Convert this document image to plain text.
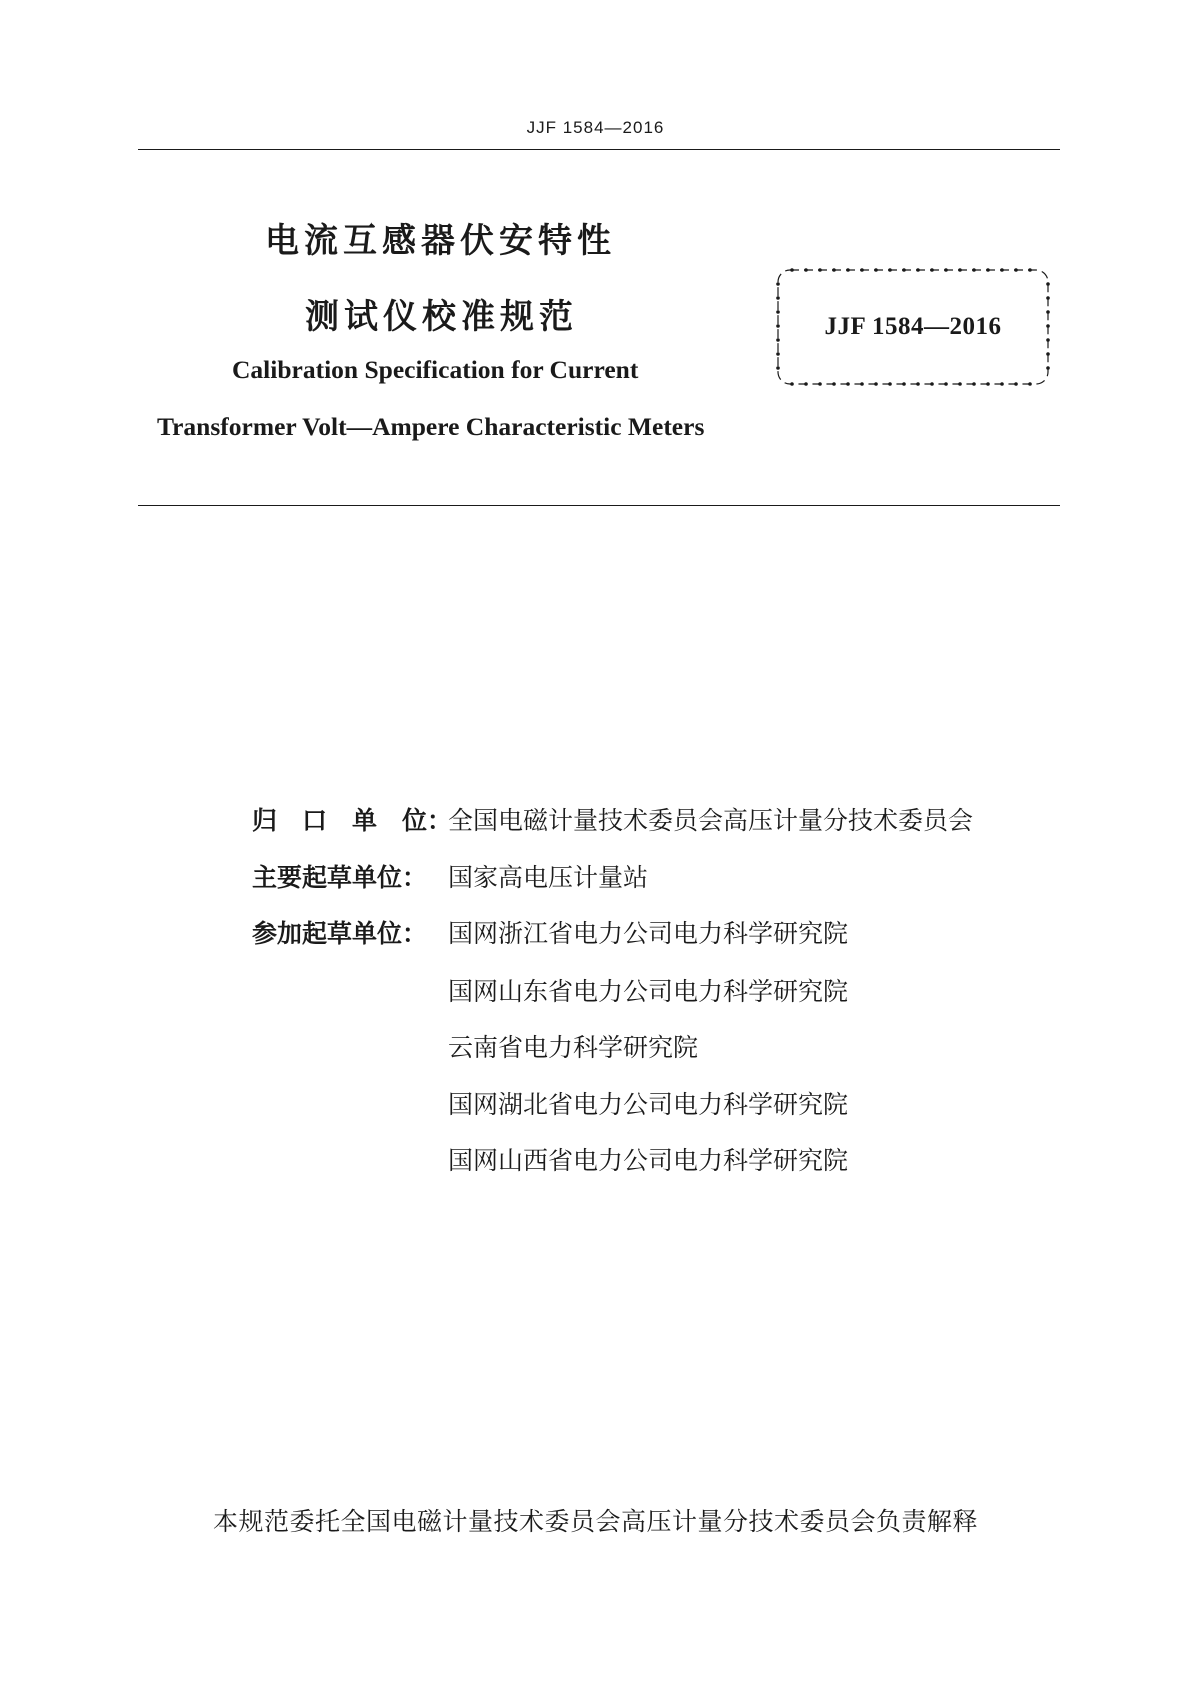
JJF 1584—2016
电流互感器伏安特性
测试仪校准规范
Calibration Specification for Current
Transformer Volt—Ampere Characteristic Meters
JJF 1584—2016
归　口　单　位：
全国电磁计量技术委员会高压计量分技术委员会
主要起草单位： 国家高电压计量站
参加起草单位： 国网浙江省电力公司电力科学研究院
国网山东省电力公司电力科学研究院
云南省电力科学研究院
国网湖北省电力公司电力科学研究院
国网山西省电力公司电力科学研究院
本规范委托全国电磁计量技术委员会高压计量分技术委员会负责解释
